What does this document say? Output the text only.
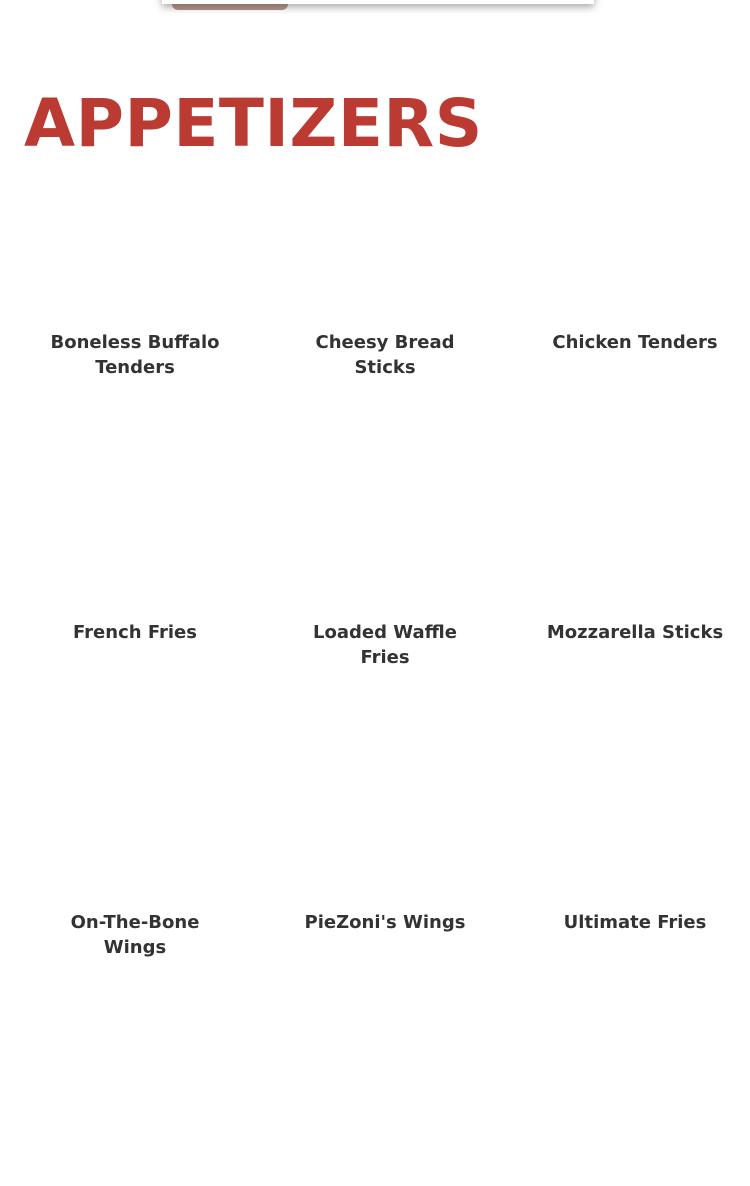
APPETIZERS
Boneless Buffalo Tenders
Cheesy Bread Sticks
Chicken Tenders
French Fries	Loaded Waffle Fries
Mozzarella Sticks
On-The-Bone Wings
PieZoni's Wings	Ultimate Fries
